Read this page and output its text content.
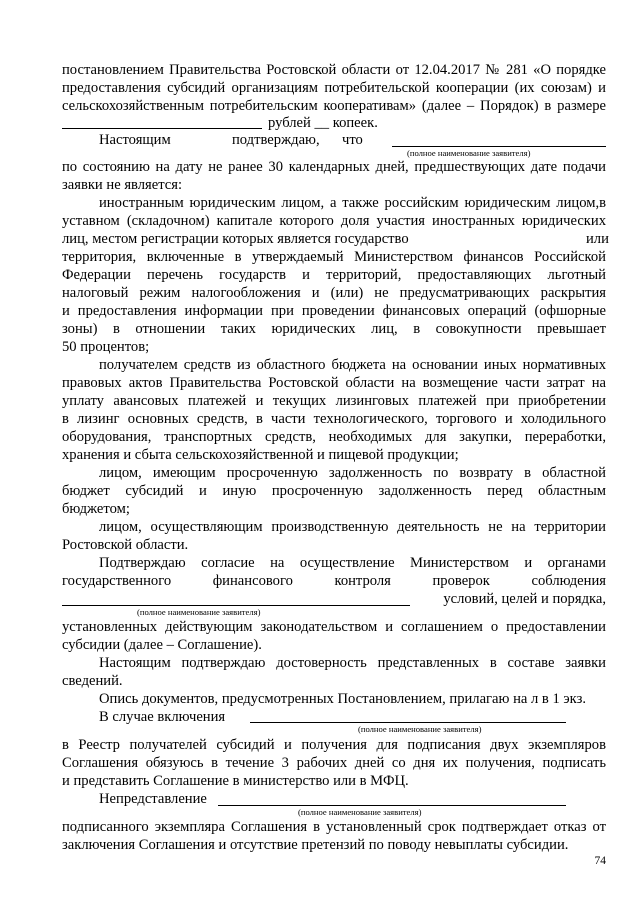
постановлением Правительства Ростовской области от 12.04.2017 № 281 «О порядке
предоставления субсидий организациям потребительской кооперации (их союзам) и
сельскохозяйственным потребительским кооперативам» (далее – Порядок) в размере
рублей __ копеек.
Настоящим	подтверждаю, что
(полное наименование заявителя)
по состоянию на дату не ранее 30 календарных дней, предшествующих дате подачи
заявки не является:
иностранным юридическим лицом, а также российским юридическим лицом,в
уставном (складочном) капитале которого доля участия иностранных юридических
лиц, местом регистрации которых является государство	или
территория, включенные в утверждаемый Министерством финансов Российской
Федерации перечень государств и территорий, предоставляющих льготный
налоговый режим налогообложения и (или) не предусматривающих раскрытия
и предоставления информации при проведении финансовых операций (офшорные
зоны) в отношении таких юридических лиц, в совокупности превышает
50 процентов;
получателем средств из областного бюджета на основании иных нормативных
правовых актов Правительства Ростовской области на возмещение части затрат на
уплату авансовых платежей и текущих лизинговых платежей при приобретении
в лизинг основных средств, в части технологического, торгового и холодильного
оборудования, транспортных средств, необходимых для закупки, переработки,
хранения и сбыта сельскохозяйственной и пищевой продукции;
лицом, имеющим просроченную задолженность по возврату в областной
бюджет субсидий и иную просроченную задолженность перед областным
бюджетом;
лицом, осуществляющим производственную деятельность не на территории
Ростовской области.
Подтверждаю согласие на осуществление Министерством и органами
государственного финансового контроля проверок соблюдения
условий, целей и порядка,
(полное наименование заявителя)
установленных действующим законодательством и соглашением о предоставлении
субсидии (далее – Соглашение).
Настоящим подтверждаю достоверность представленных в составе заявки
сведений.
Опись документов, предусмотренных Постановлением, прилагаю на л в 1 экз.
В случае включения
(полное наименование заявителя)
в Реестр получателей субсидий и получения для подписания двух экземпляров
Соглашения обязуюсь в течение 3 рабочих дней со дня их получения, подписать
и представить Соглашение в министерство или в МФЦ.
Непредставление
(полное наименование заявителя)
подписанного экземпляра Соглашения в установленный срок подтверждает отказ от
заключения Соглашения и отсутствие претензий по поводу невыплаты субсидии.
74
